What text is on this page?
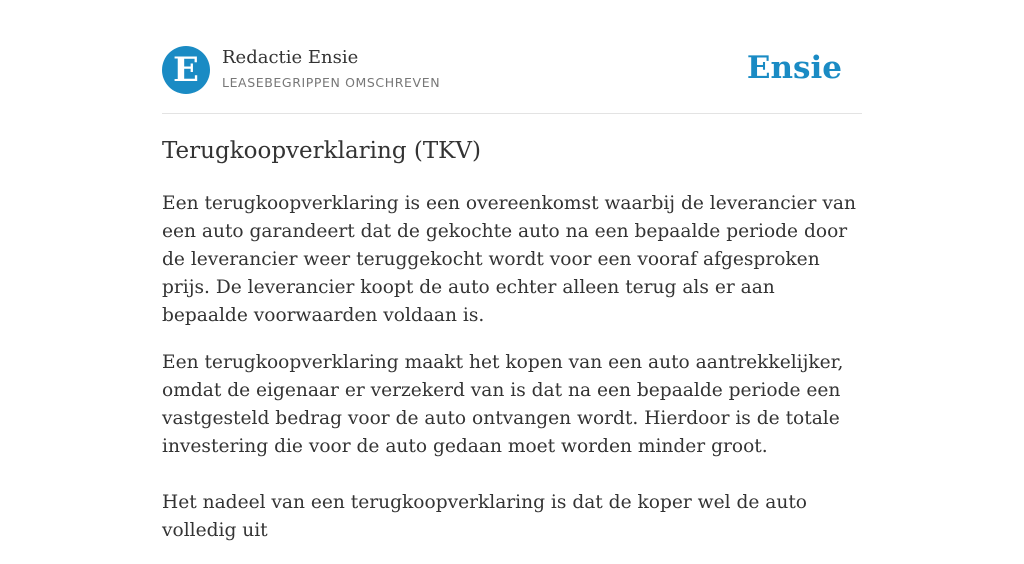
E	Redactie Ensie
LEASEBEGRIPPEN OMSCHREVEN	Ensie
Terugkoopverklaring (TKV)

Een terugkoopverklaring is een overeenkomst waarbij de leverancier van een auto garandeert dat de gekochte auto na een bepaalde periode door de leverancier weer teruggekocht wordt voor een vooraf afgesproken prijs. De leverancier koopt de auto echter alleen terug als er aan bepaalde voorwaarden voldaan is.

Een terugkoopverklaring maakt het kopen van een auto aantrekkelijker, omdat de eigenaar er verzekerd van is dat na een bepaalde periode een vastgesteld bedrag voor de auto ontvangen wordt. Hierdoor is de totale investering die voor de auto gedaan moet worden minder groot.

Het nadeel van een terugkoopverklaring is dat de koper wel de auto volledig uit
